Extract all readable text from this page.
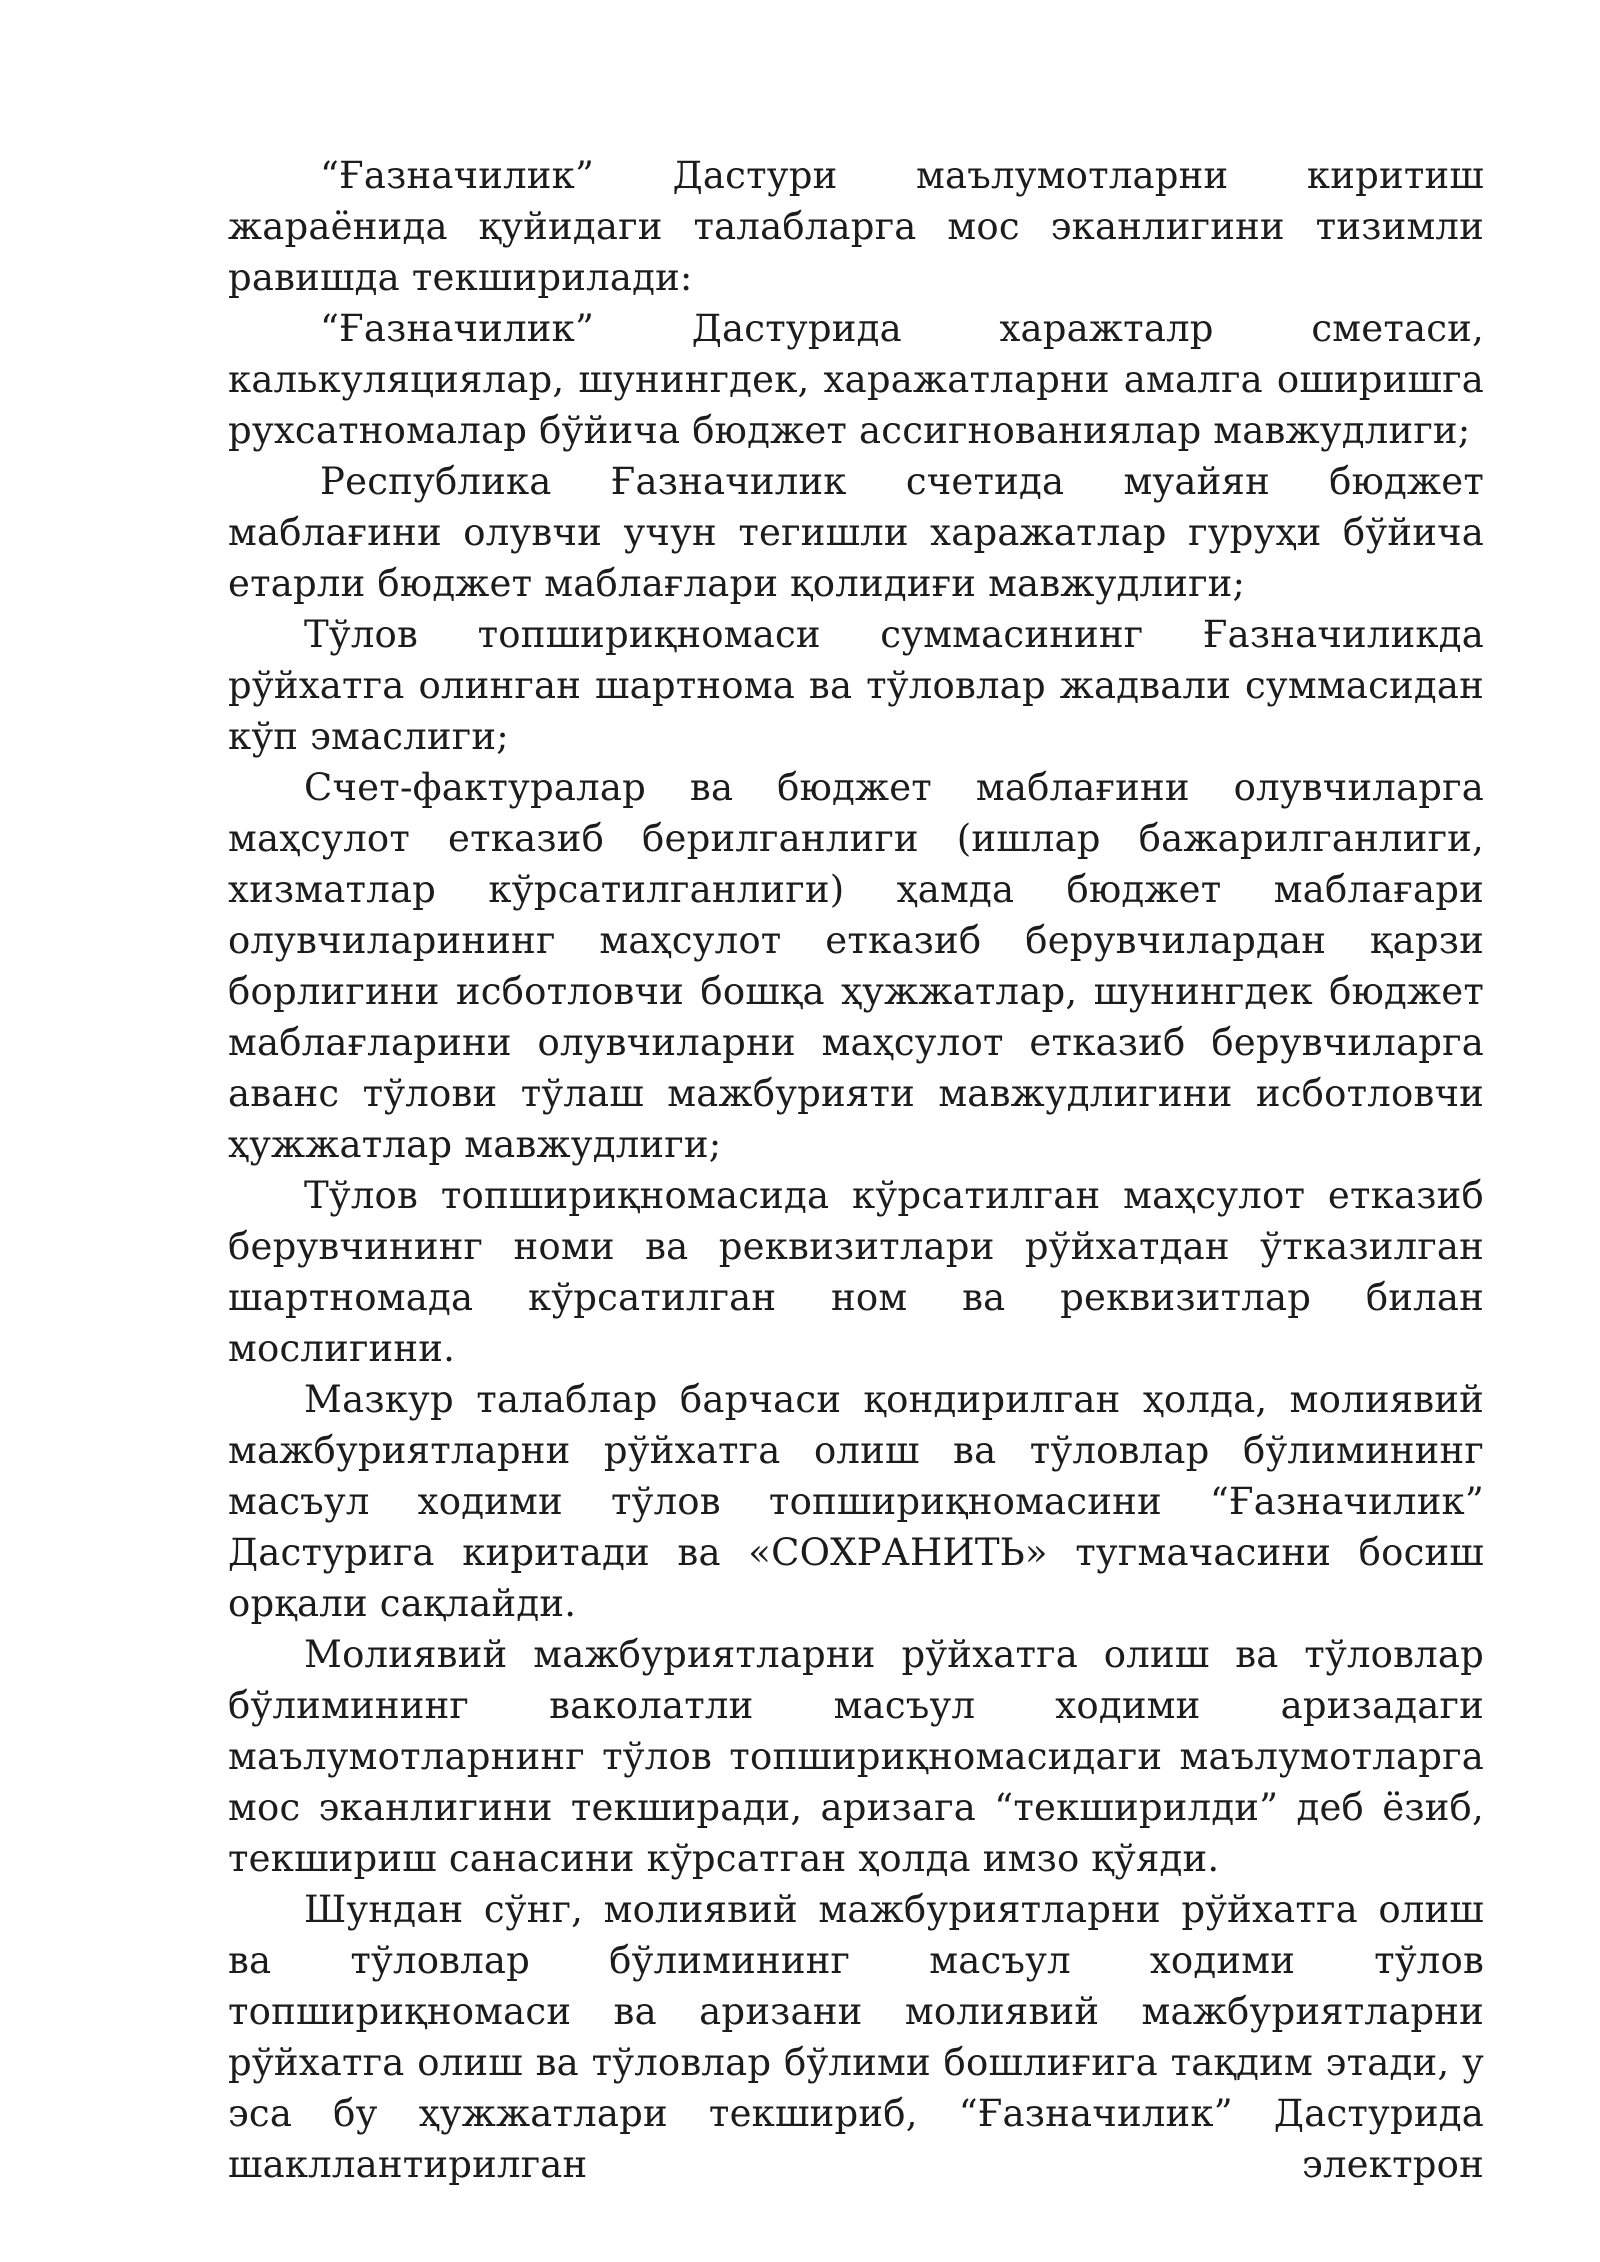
“Ғазначилик” Дастури маълумотларни киритиш жараёнида қуйидаги талабларга мос эканлигини тизимли равишда текширилади:

“Ғазначилик” Дастурида харажталр сметаси, калькуляциялар, шунингдек, харажатларни амалга оширишга рухсатномалар бўйича бюджет ассигнованиялар мавжудлиги;

Республика Ғазначилик счетида муайян бюджет маблағини олувчи учун тегишли харажатлар гуруҳи бўйича етарли бюджет маблағлари қолидиғи мавжудлиги;

Тўлов топшириқномаси суммасининг Ғазначиликда рўйхатга олинган шартнома ва тўловлар жадвали суммасидан кўп эмаслиги;

Счет-фактуралар ва бюджет маблағини олувчиларга маҳсулот етказиб берилганлиги (ишлар бажарилганлиги, хизматлар кўрсатилганлиги) ҳамда бюджет маблағари олувчиларининг маҳсулот етказиб берувчилардан қарзи борлигини исботловчи бошқа ҳужжатлар, шунингдек бюджет маблағларини олувчиларни маҳсулот етказиб берувчиларга аванс тўлови тўлаш мажбурияти мавжудлигини исботловчи ҳужжатлар мавжудлиги;

Тўлов топшириқномасида кўрсатилган маҳсулот етказиб берувчининг номи ва реквизитлари рўйхатдан ўтказилган шартномада кўрсатилган ном ва реквизитлар билан мослигини.

Мазкур талаблар барчаси қондирилган ҳолда, молиявий мажбуриятларни рўйхатга олиш ва тўловлар бўлимининг масъул ходими тўлов топшириқномасини “Ғазначилик” Дастурига киритади ва «СОХРАНИТЬ» тугмачасини босиш орқали сақлайди.

Молиявий мажбуриятларни рўйхатга олиш ва тўловлар бўлимининг ваколатли масъул ходими аризадаги маълумотларнинг тўлов топшириқномасидаги маълумотларга мос эканлигини текширади, аризага “текширилди” деб ёзиб, текшириш санасини кўрсатган ҳолда имзо қўяди.

Шундан сўнг, молиявий мажбуриятларни рўйхатга олиш ва тўловлар бўлимининг масъул ходими тўлов топшириқномаси ва аризани молиявий мажбуриятларни рўйхатга олиш ва тўловлар бўлими бошлиғига тақдим этади, у эса бу ҳужжатлари текшириб, “Ғазначилик” Дастурида шакллантирилган электрон
